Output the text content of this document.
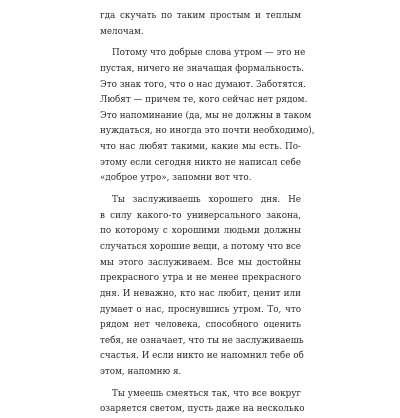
гда скучать по таким простым и теплым
мелочам.
Потому что добрые слова утром — это не
пустая, ничего не значащая формальность.
Это знак того, что о нас думают. Заботятся.
Любят — причем те, кого сейчас нет рядом.
Это напоминание (да, мы не должны в таком
нуждаться, но иногда это почти необходимо),
что нас любят такими, какие мы есть. По-
этому если сегодня никто не написал себе
«доброе утро», запомни вот что.
Ты заслуживаешь хорошего дня. Не
в силу какого-то универсального закона,
по которому с хорошими людьми должны
случаться хорошие вещи, а потому что все
мы этого заслуживаем. Все мы достойны
прекрасного утра и не менее прекрасного
дня. И неважно, кто нас любит, ценит или
думает о нас, проснувшись утром. То, что
рядом нет человека, способного оценить
тебя, не означает, что ты не заслуживаешь
счастья. И если никто не напомнил тебе об
этом, напомню я.
Ты умеешь смеяться так, что все вокруг
озаряется светом, пусть даже на несколько
